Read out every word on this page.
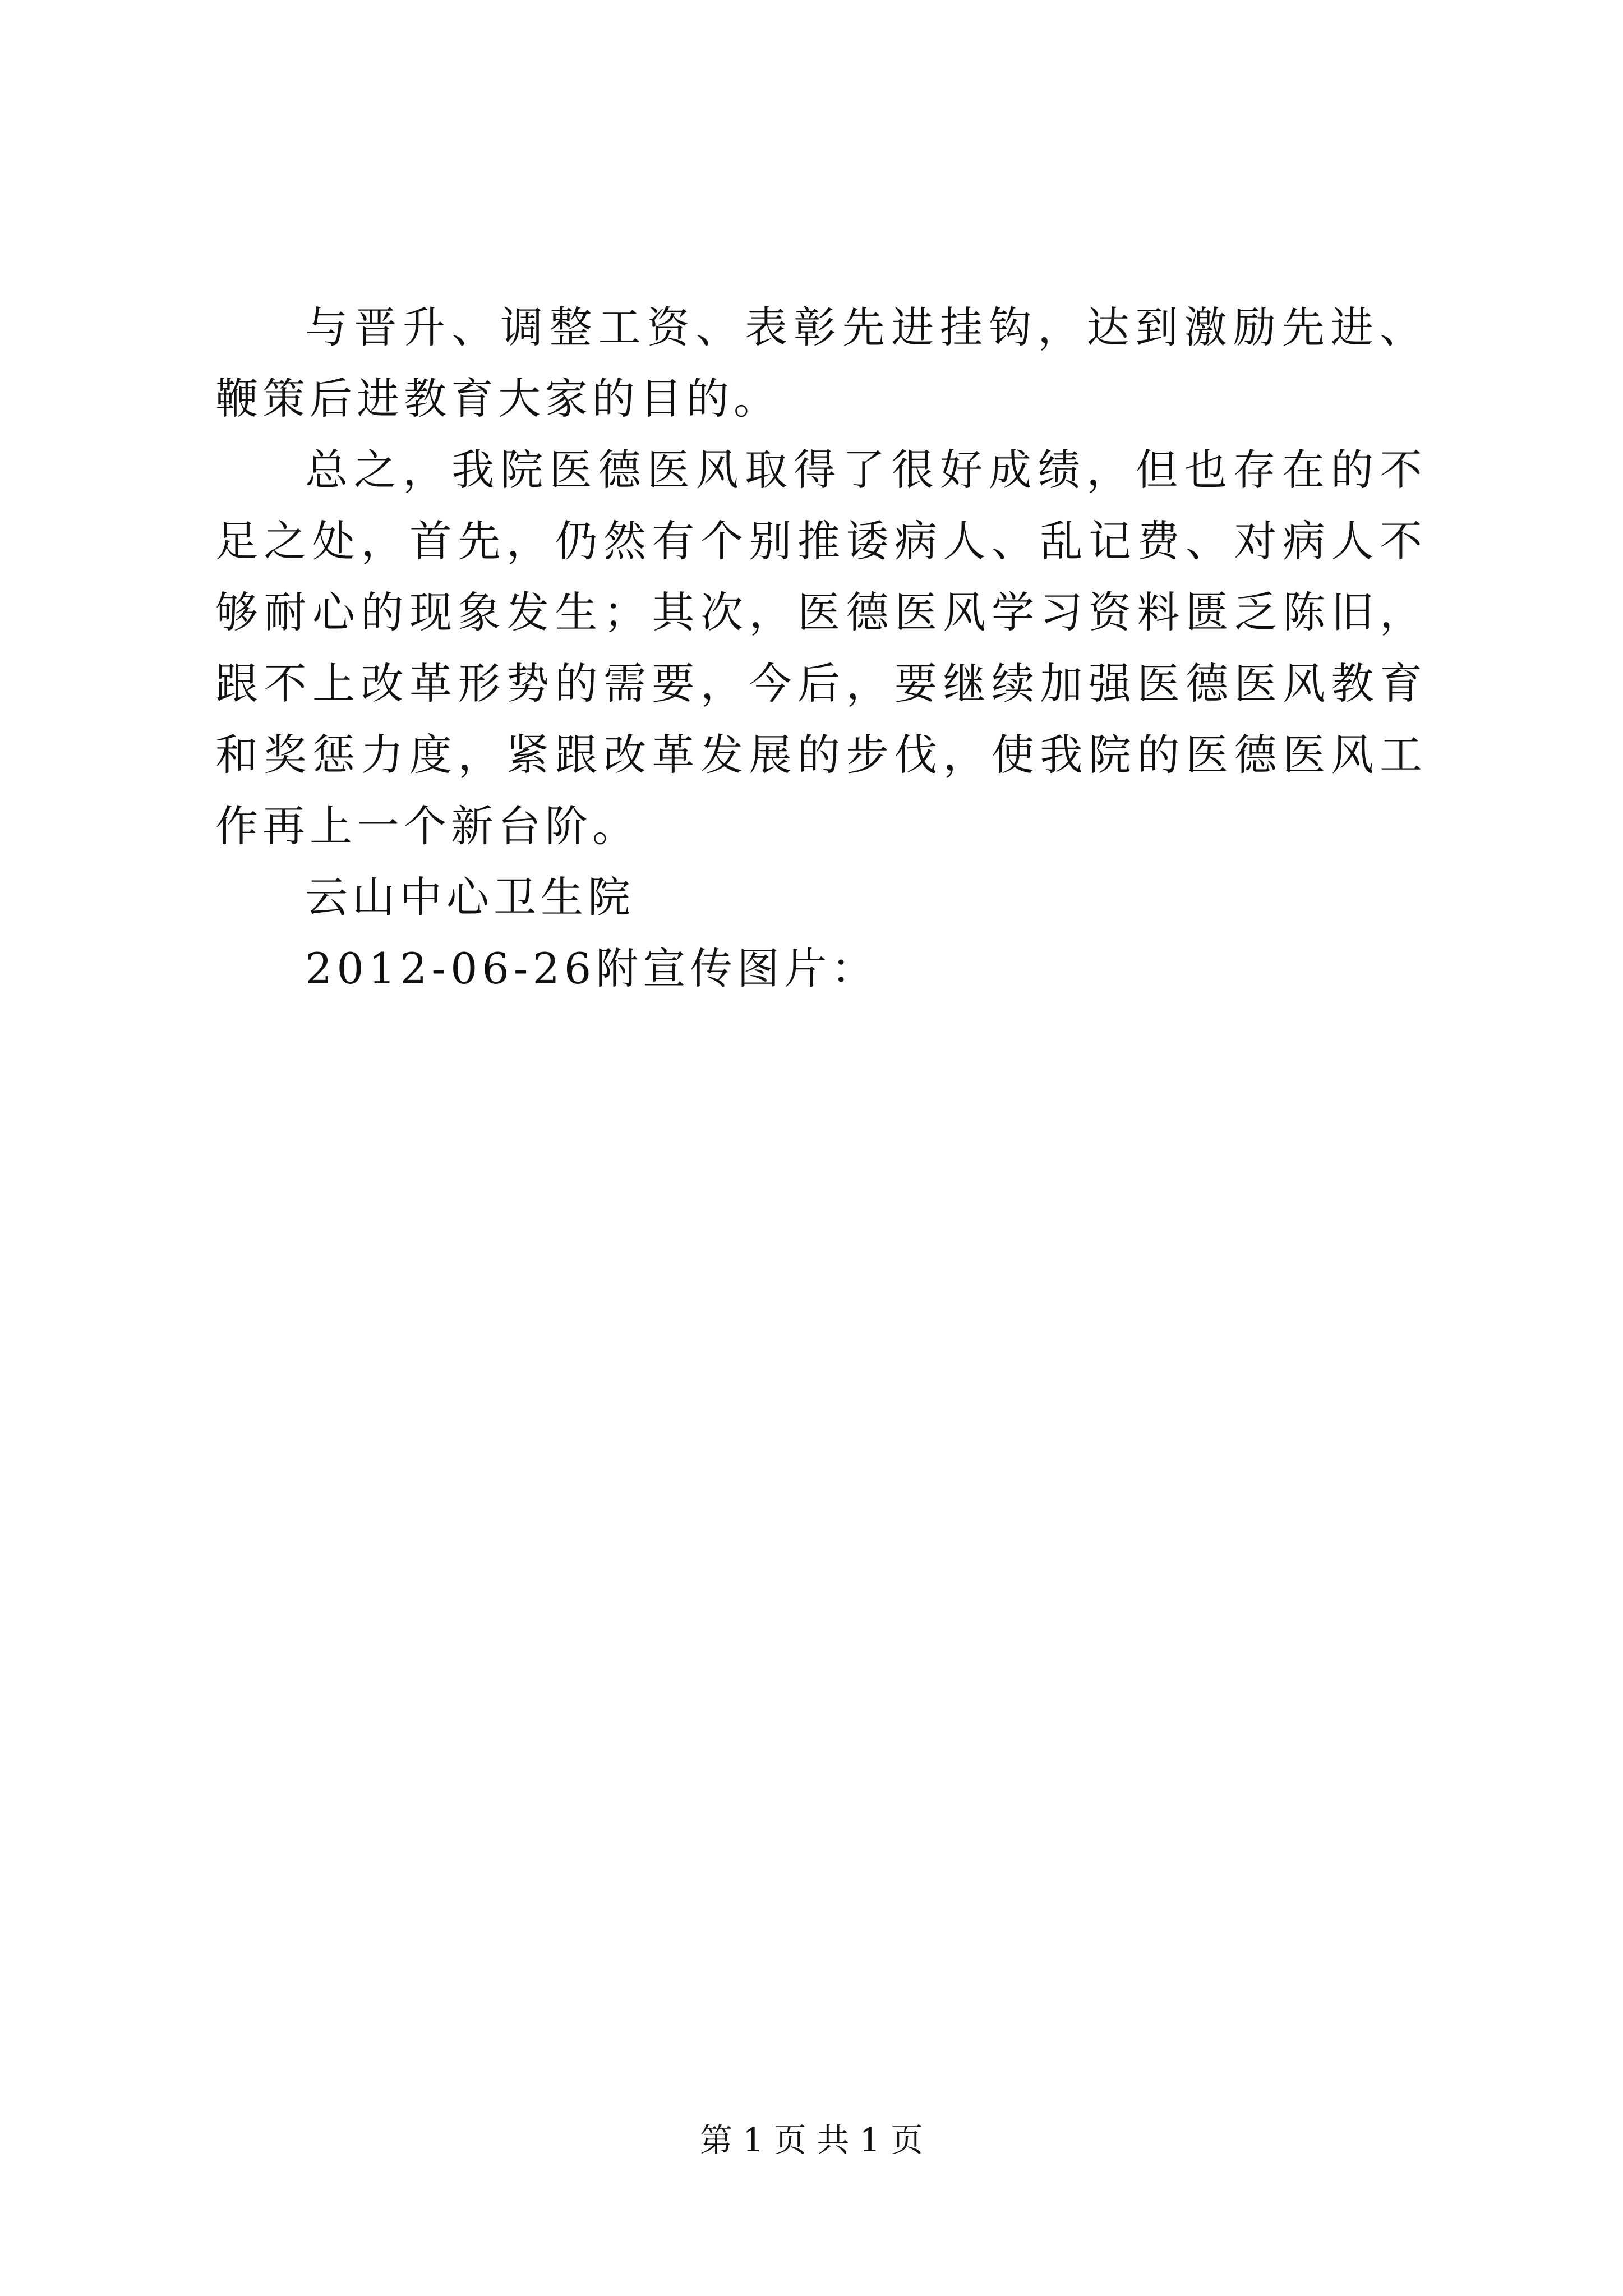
与晋升、调整工资、表彰先进挂钩，达到激励先进、鞭策后进教育大家的目的。

总之，我院医德医风取得了很好成绩，但也存在的不足之处，首先，仍然有个别推诿病人、乱记费、对病人不够耐心的现象发生；其次，医德医风学习资料匮乏陈旧，跟不上改革形势的需要，今后，要继续加强医德医风教育和奖惩力度，紧跟改革发展的步伐，使我院的医德医风工作再上一个新台阶。

云山中心卫生院

2012-06-26附宣传图片：

第 1 页 共 1 页
